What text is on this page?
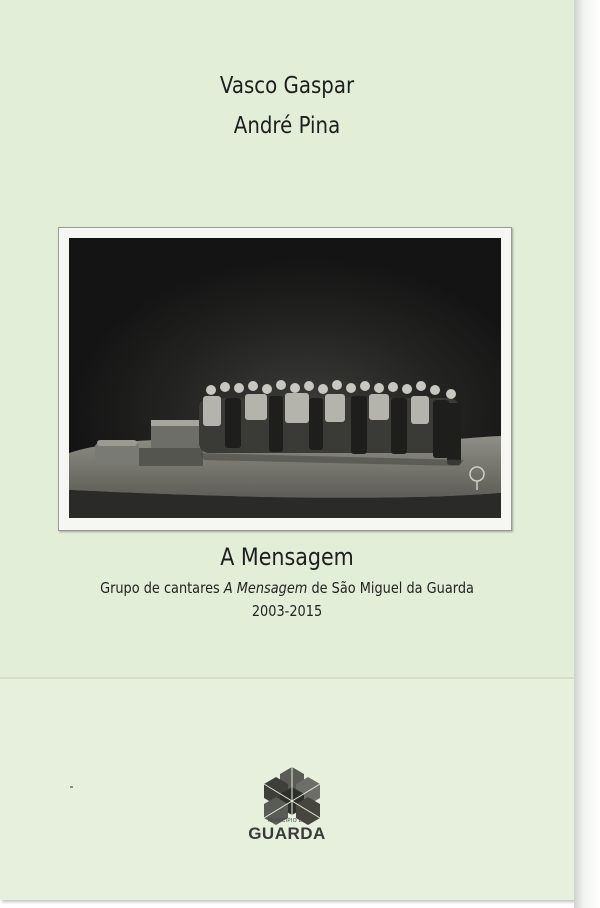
Vasco Gaspar
André Pina
A Mensagem
Grupo de cantares A Mensagem de São Miguel da Guarda
2003-2015
MUNICÍPIO DA
GUARDA
